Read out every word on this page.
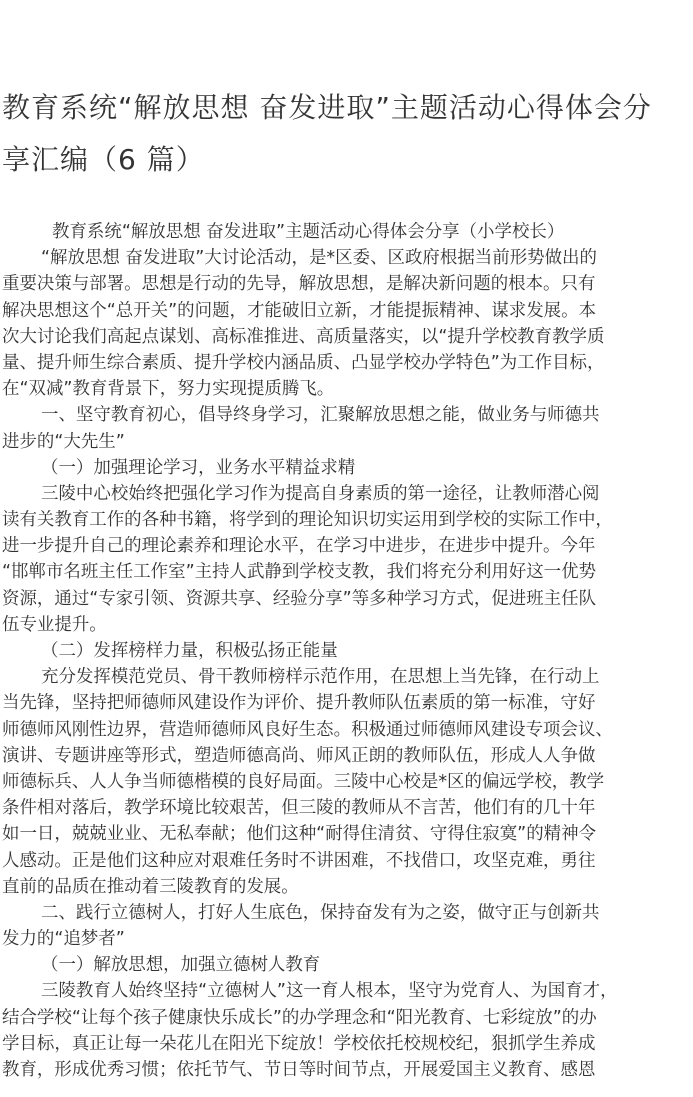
教育系统“解放思想 奋发进取”主题活动心得体会分
享汇编（6 篇）
教育系统“解放思想 奋发进取”主题活动心得体会分享（小学校长）
“解放思想 奋发进取”大讨论活动，是*区委、区政府根据当前形势做出的
重要决策与部署。思想是行动的先导，解放思想，是解决新问题的根本。只有
解决思想这个“总开关”的问题，才能破旧立新，才能提振精神、谋求发展。本
次大讨论我们高起点谋划、高标准推进、高质量落实，以“提升学校教育教学质
量、提升师生综合素质、提升学校内涵品质、凸显学校办学特色”为工作目标，
在“双减”教育背景下，努力实现提质腾飞。
一、坚守教育初心，倡导终身学习，汇聚解放思想之能，做业务与师德共
进步的“大先生”
（一）加强理论学习，业务水平精益求精
三陵中心校始终把强化学习作为提高自身素质的第一途径，让教师潜心阅
读有关教育工作的各种书籍，将学到的理论知识切实运用到学校的实际工作中，
进一步提升自己的理论素养和理论水平，在学习中进步，在进步中提升。今年
“邯郸市名班主任工作室”主持人武静到学校支教，我们将充分利用好这一优势
资源，通过“专家引领、资源共享、经验分享”等多种学习方式，促进班主任队
伍专业提升。
（二）发挥榜样力量，积极弘扬正能量
充分发挥模范党员、骨干教师榜样示范作用，在思想上当先锋，在行动上
当先锋，坚持把师德师风建设作为评价、提升教师队伍素质的第一标准，守好
师德师风刚性边界，营造师德师风良好生态。积极通过师德师风建设专项会议、
演讲、专题讲座等形式，塑造师德高尚、师风正朗的教师队伍，形成人人争做
师德标兵、人人争当师德楷模的良好局面。三陵中心校是*区的偏远学校，教学
条件相对落后，教学环境比较艰苦，但三陵的教师从不言苦，他们有的几十年
如一日，兢兢业业、无私奉献；他们这种“耐得住清贫、守得住寂寞”的精神令
人感动。正是他们这种应对艰难任务时不讲困难，不找借口，攻坚克难，勇往
直前的品质在推动着三陵教育的发展。
二、践行立德树人，打好人生底色，保持奋发有为之姿，做守正与创新共
发力的“追梦者”
（一）解放思想，加强立德树人教育
三陵教育人始终坚持“立德树人”这一育人根本，坚守为党育人、为国育才，
结合学校“让每个孩子健康快乐成长”的办学理念和“阳光教育、七彩绽放”的办
学目标，真正让每一朵花儿在阳光下绽放！学校依托校规校纪，狠抓学生养成
教育，形成优秀习惯；依托节气、节日等时间节点，开展爱国主义教育、感恩
